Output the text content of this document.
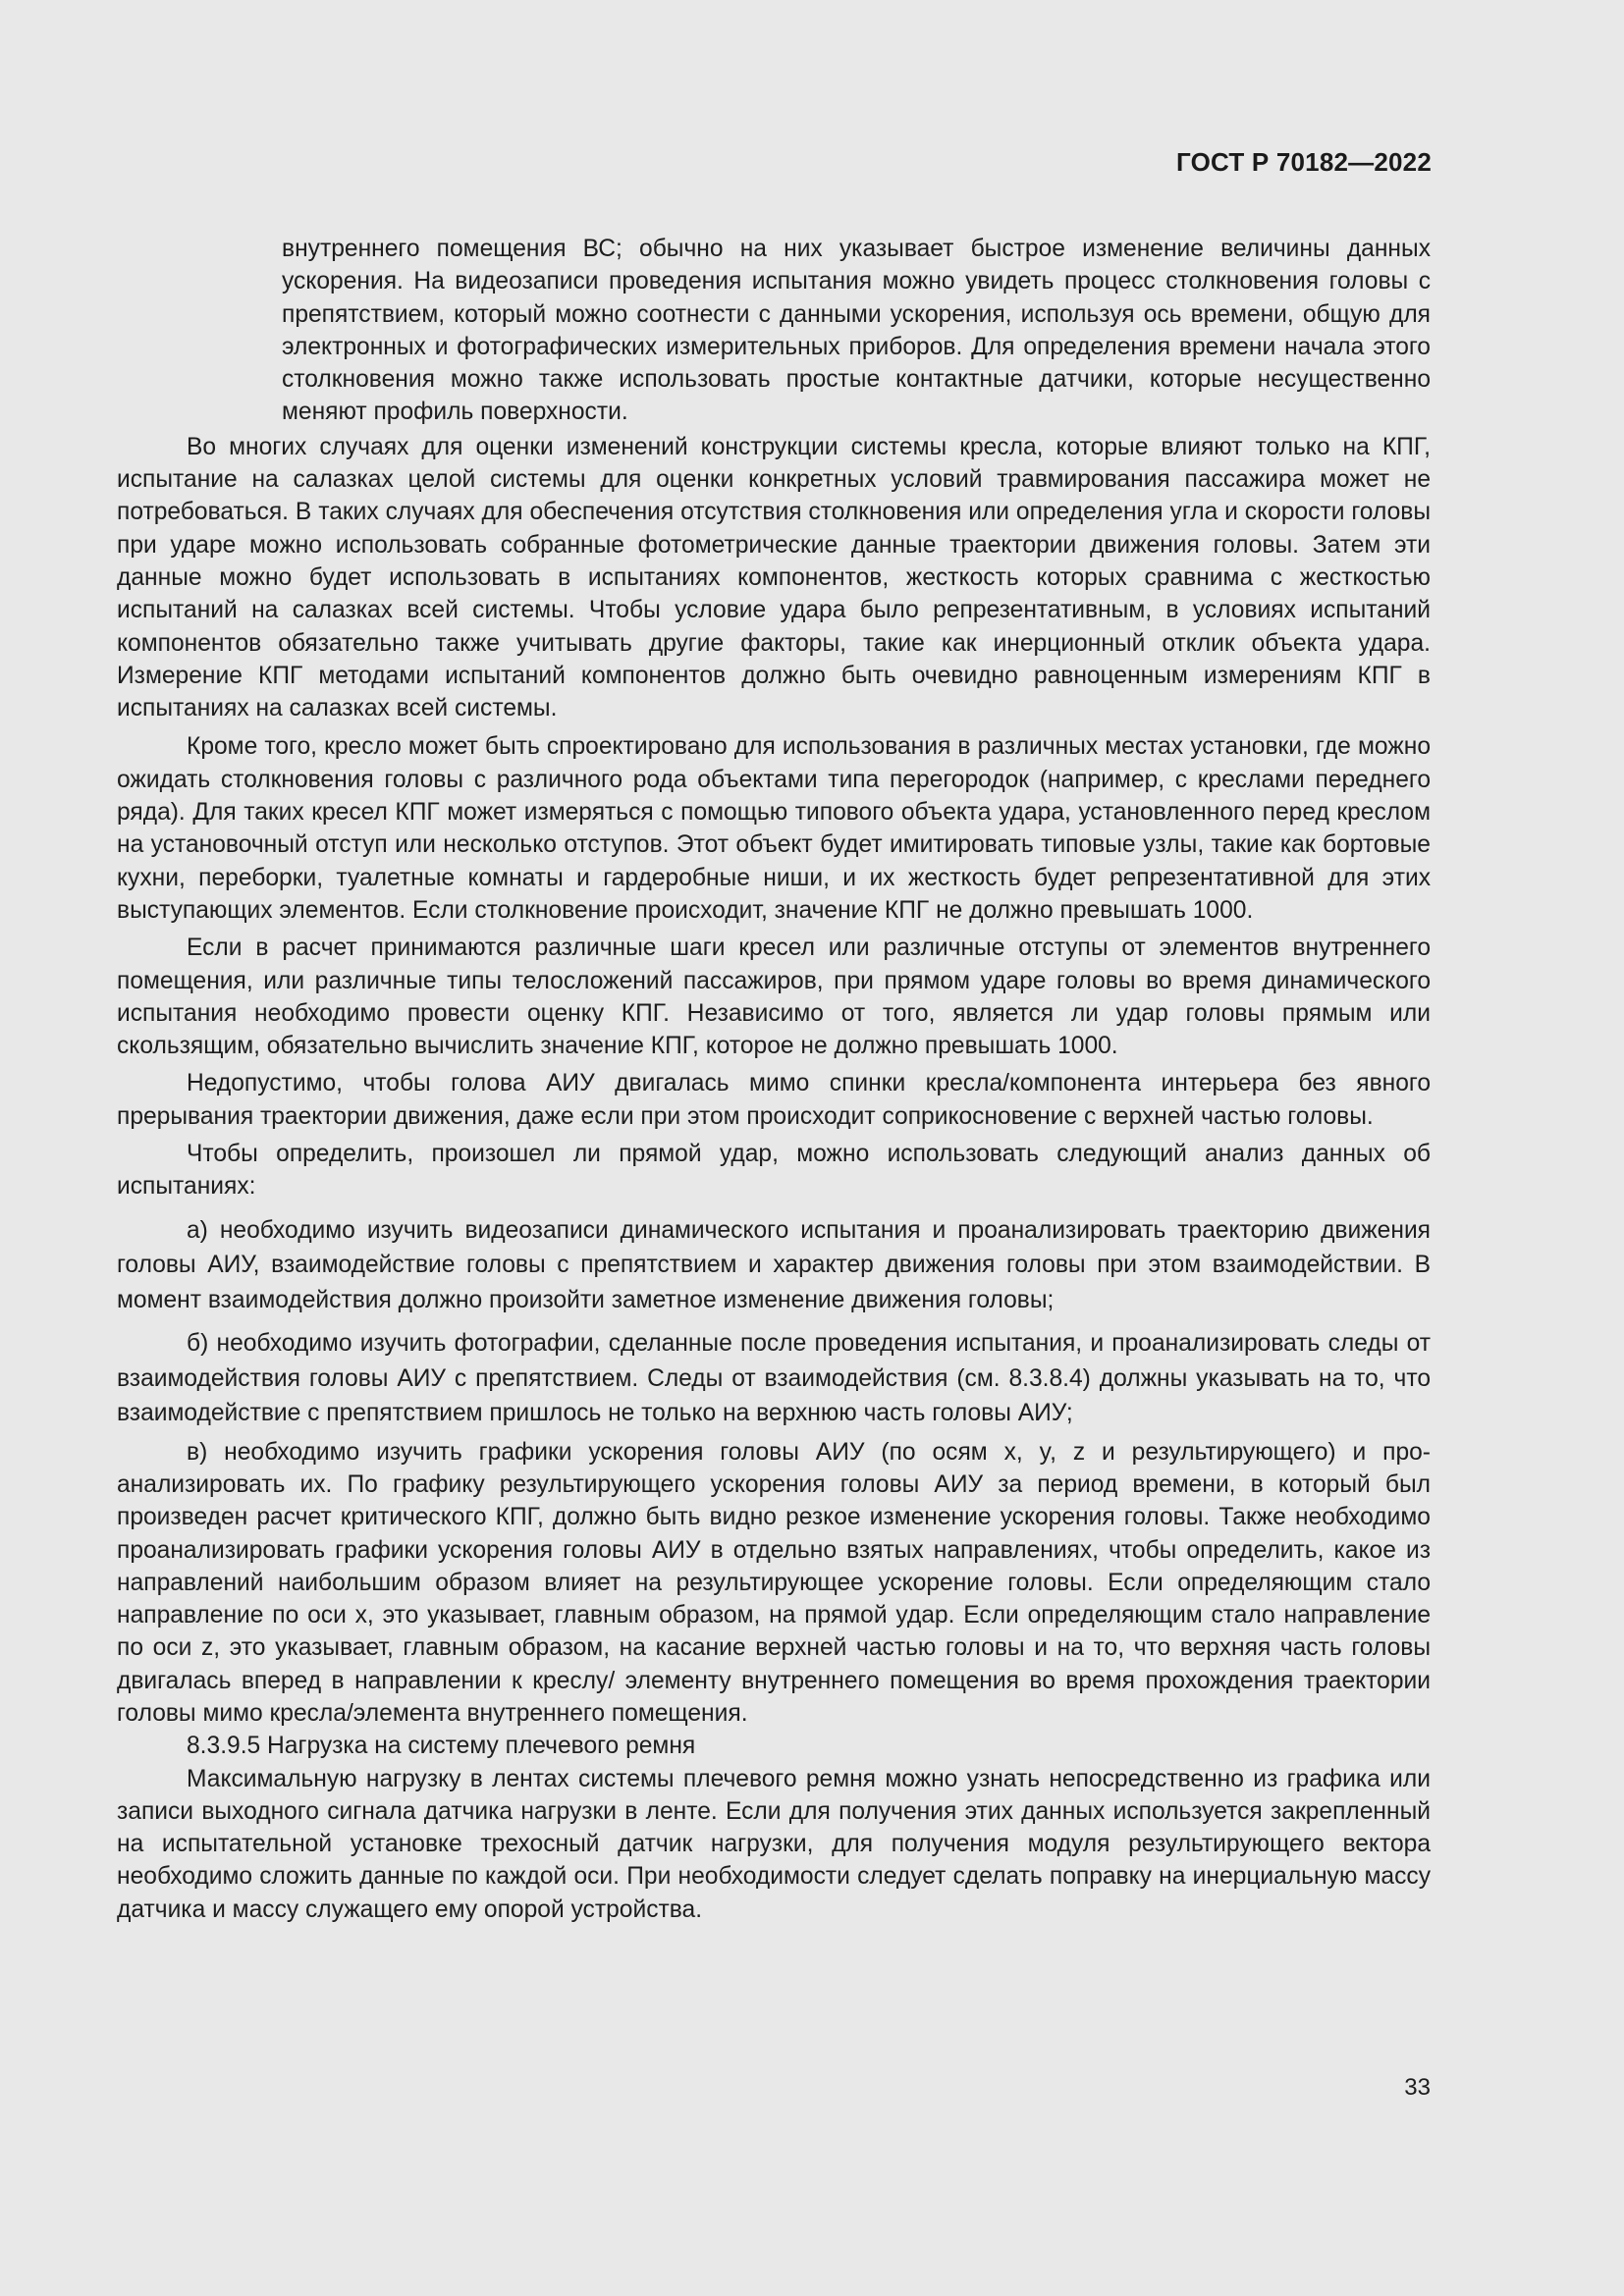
ГОСТ Р 70182—2022

внутреннего помещения ВС; обычно на них указывает быстрое изменение величины данных ускорения. На видеозаписи проведения испытания можно увидеть процесс столкновения головы с препятствием, который можно соотнести с данными ускорения, используя ось времени, общую для электронных и фотографических измерительных приборов. Для определения времени начала этого столкновения можно также использовать простые контактные датчики, которые несущественно меняют профиль поверхности.

Во многих случаях для оценки изменений конструкции системы кресла, которые влияют только на КПГ, испытание на салазках целой системы для оценки конкретных условий травмирования пассажира может не потребоваться. В таких случаях для обеспечения отсутствия столкновения или определения угла и скорости головы при ударе можно использовать собранные фотометрические данные траектории движения головы. Затем эти данные можно будет использовать в испытаниях компонентов, жесткость которых сравнима с жесткостью испытаний на салазках всей системы. Чтобы условие удара было репрезентативным, в условиях испытаний компонентов обязательно также учитывать другие факторы, такие как инерционный отклик объекта удара. Измерение КПГ методами испытаний компонентов должно быть очевидно равноценным измерениям КПГ в испытаниях на салазках всей системы.

Кроме того, кресло может быть спроектировано для использования в различных местах установки, где можно ожидать столкновения головы с различного рода объектами типа перегородок (например, с креслами переднего ряда). Для таких кресел КПГ может измеряться с помощью типового объекта удара, установленного перед креслом на установочный отступ или несколько отступов. Этот объект будет имитировать типовые узлы, такие как бортовые кухни, переборки, туалетные комнаты и гардеробные ниши, и их жесткость будет репрезентативной для этих выступающих элементов. Если столкновение происходит, значение КПГ не должно превышать 1000.

Если в расчет принимаются различные шаги кресел или различные отступы от элементов внутреннего помещения, или различные типы телосложений пассажиров, при прямом ударе головы во время динамического испытания необходимо провести оценку КПГ. Независимо от того, является ли удар головы прямым или скользящим, обязательно вычислить значение КПГ, которое не должно превышать 1000.

Недопустимо, чтобы голова АИУ двигалась мимо спинки кресла/компонента интерьера без явного прерывания траектории движения, даже если при этом происходит соприкосновение с верхней частью головы.

Чтобы определить, произошел ли прямой удар, можно использовать следующий анализ данных об испытаниях:

а) необходимо изучить видеозаписи динамического испытания и проанализировать траекторию движения головы АИУ, взаимодействие головы с препятствием и характер движения головы при этом взаимодействии. В момент взаимодействия должно произойти заметное изменение движения головы;

б) необходимо изучить фотографии, сделанные после проведения испытания, и проанализировать следы от взаимодействия головы АИУ с препятствием. Следы от взаимодействия (см. 8.3.8.4) должны указывать на то, что взаимодействие с препятствием пришлось не только на верхнюю часть головы АИУ;

в) необходимо изучить графики ускорения головы АИУ (по осям x, y, z и результирующего) и проанализировать их. По графику результирующего ускорения головы АИУ за период времени, в который был произведен расчет критического КПГ, должно быть видно резкое изменение ускорения головы. Также необходимо проанализировать графики ускорения головы АИУ в отдельно взятых направлениях, чтобы определить, какое из направлений наибольшим образом влияет на результирующее ускорение головы. Если определяющим стало направление по оси x, это указывает, главным образом, на прямой удар. Если определяющим стало направление по оси z, это указывает, главным образом, на касание верхней частью головы и на то, что верхняя часть головы двигалась вперед в направлении к креслу/ элементу внутреннего помещения во время прохождения траектории головы мимо кресла/элемента внутреннего помещения.

8.3.9.5 Нагрузка на систему плечевого ремня

Максимальную нагрузку в лентах системы плечевого ремня можно узнать непосредственно из графика или записи выходного сигнала датчика нагрузки в ленте. Если для получения этих данных используется закрепленный на испытательной установке трехосный датчик нагрузки, для получения модуля результирующего вектора необходимо сложить данные по каждой оси. При необходимости следует сделать поправку на инерциальную массу датчика и массу служащего ему опорой устройства.

33
